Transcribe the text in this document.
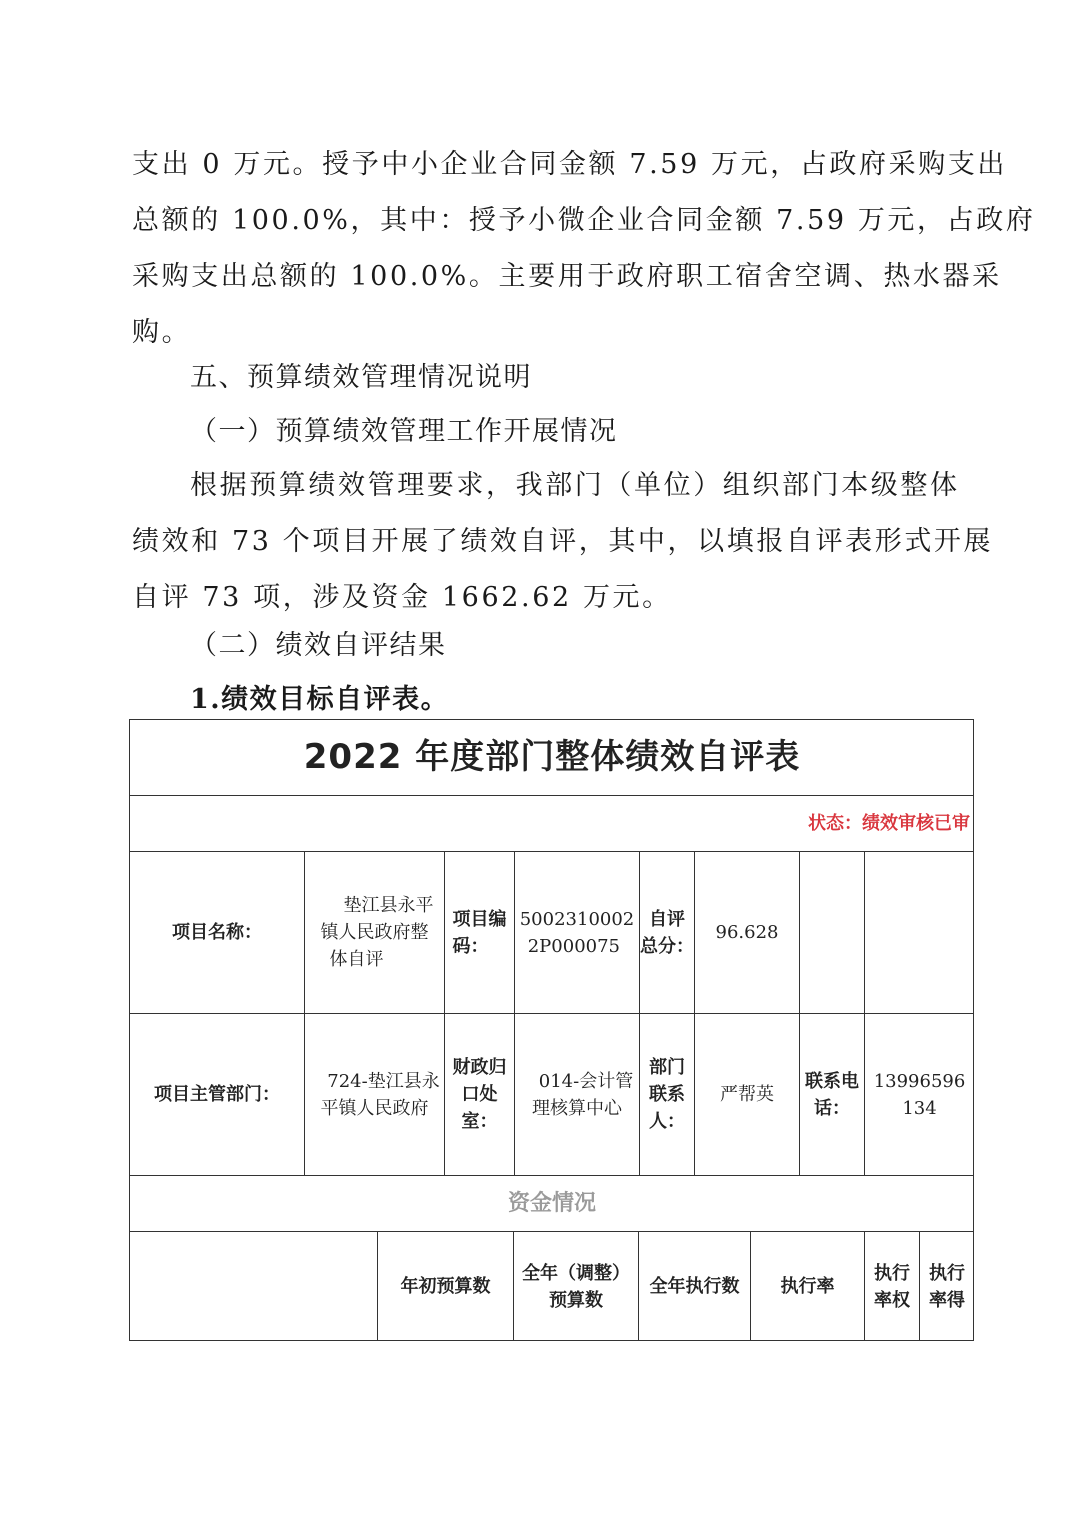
支出 0 万元。授予中小企业合同金额 7.59 万元，占政府采购支出
总额的 100.0%，其中：授予小微企业合同金额 7.59 万元，占政府
采购支出总额的 100.0%。主要用于政府职工宿舍空调、热水器采
购。
五、预算绩效管理情况说明
（一）预算绩效管理工作开展情况
根据预算绩效管理要求，我部门（单位）组织部门本级整体
绩效和 73 个项目开展了绩效自评，其中，以填报自评表形式开展
自评 73 项，涉及资金 1662.62 万元。
（二）绩效自评结果
1.绩效目标自评表。
2022 年度部门整体绩效自评表
状态：绩效审核已审
项目名称：
垫江县永平
镇人民政府整
体自评
项目编
码：
5002310002
2P000075
自评
总分：
96.628
项目主管部门：
724-垫江县永
平镇人民政府
财政归
口处
室：
014-会计管
理核算中心
部门
联系
人：
严帮英
联系电
话：
13996596
134
资金情况
年初预算数
全年（调整）
预算数
全年执行数	执行率
执行
率权
执行
率得
